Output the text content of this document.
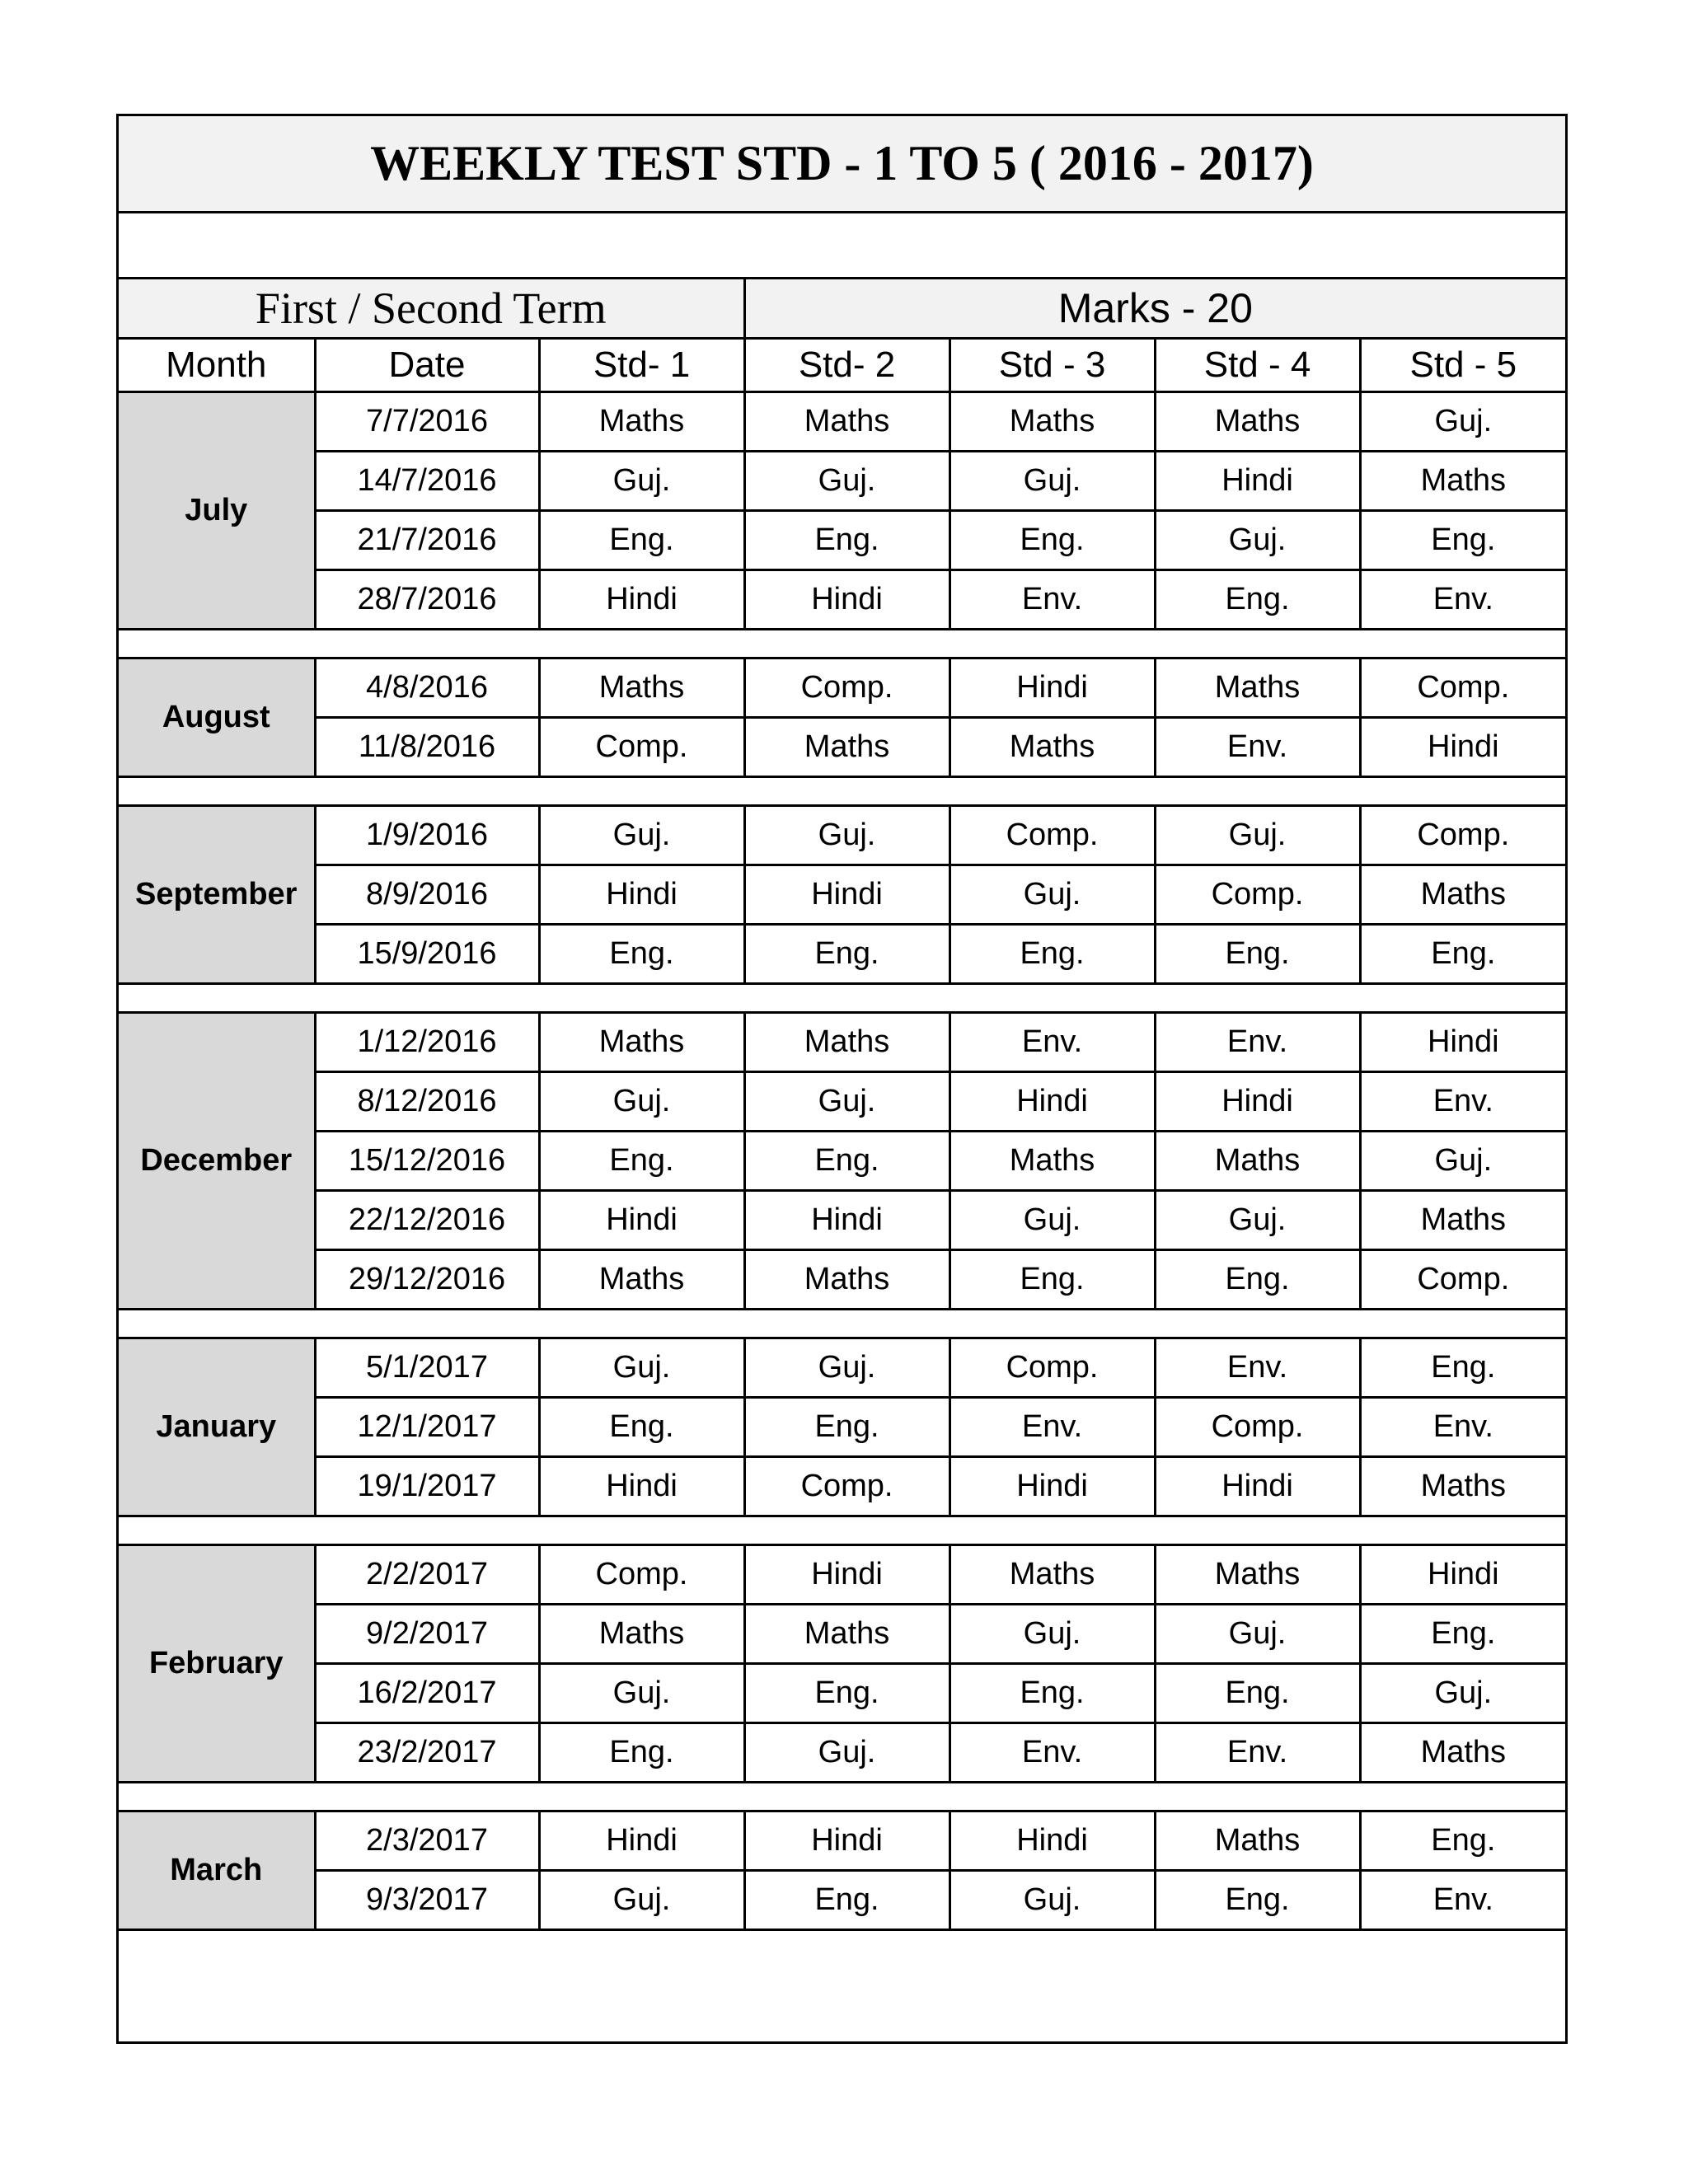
WEEKLY TEST STD - 1 TO 5 ( 2016 - 2017)
First / Second Term			Marks - 20			
Month	Date	Std- 1	Std- 2	Std - 3	Std - 4	Std - 5
July	7/7/2016	Maths	Maths	Maths	Maths	Guj.
	14/7/2016	Guj.	Guj.	Guj.	Hindi	Maths
	21/7/2016	Eng.	Eng.	Eng.	Guj.	Eng.
	28/7/2016	Hindi	Hindi	Env.	Eng.	Env.

August	4/8/2016	Maths	Comp.	Hindi	Maths	Comp.
	11/8/2016	Comp.	Maths	Maths	Env.	Hindi

September	1/9/2016	Guj.	Guj.	Comp.	Guj.	Comp.
	8/9/2016	Hindi	Hindi	Guj.	Comp.	Maths
	15/9/2016	Eng.	Eng.	Eng.	Eng.	Eng.

December	1/12/2016	Maths	Maths	Env.	Env.	Hindi
	8/12/2016	Guj.	Guj.	Hindi	Hindi	Env.
	15/12/2016	Eng.	Eng.	Maths	Maths	Guj.
	22/12/2016	Hindi	Hindi	Guj.	Guj.	Maths
	29/12/2016	Maths	Maths	Eng.	Eng.	Comp.

January	5/1/2017	Guj.	Guj.	Comp.	Env.	Eng.
	12/1/2017	Eng.	Eng.	Env.	Comp.	Env.
	19/1/2017	Hindi	Comp.	Hindi	Hindi	Maths

February	2/2/2017	Comp.	Hindi	Maths	Maths	Hindi
	9/2/2017	Maths	Maths	Guj.	Guj.	Eng.
	16/2/2017	Guj.	Eng.	Eng.	Eng.	Guj.
	23/2/2017	Eng.	Guj.	Env.	Env.	Maths

March	2/3/2017	Hindi	Hindi	Hindi	Maths	Eng.
	9/3/2017	Guj.	Eng.	Guj.	Eng.	Env.
